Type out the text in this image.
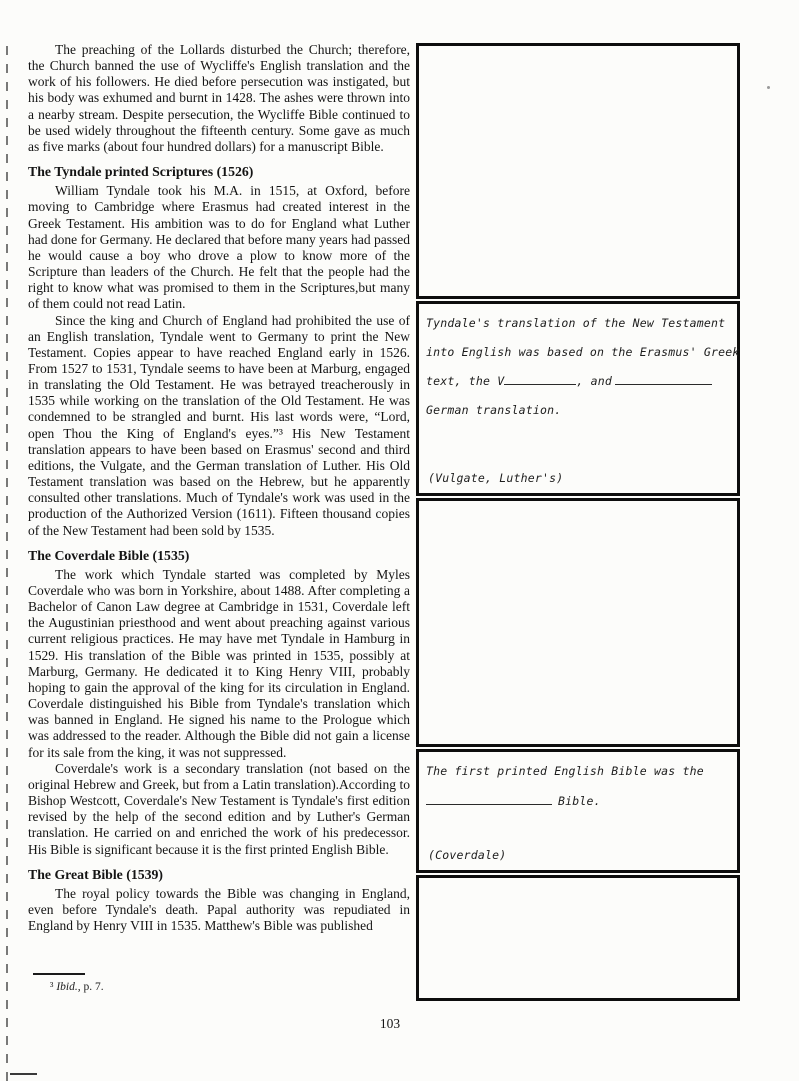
The preaching of the Lollards disturbed the Church; therefore, the Church banned the use of Wycliffe's English translation and the work of his followers. He died before persecution was instigated, but his body was exhumed and burnt in 1428. The ashes were thrown into a nearby stream. Despite persecution, the Wycliffe Bible continued to be used widely throughout the fifteenth century. Some gave as much as five marks (about four hundred dollars) for a manuscript Bible.

The Tyndale printed Scriptures (1526)

William Tyndale took his M.A. in 1515, at Oxford, before moving to Cambridge where Erasmus had created interest in the Greek Testament. His ambition was to do for England what Luther had done for Germany. He declared that before many years had passed he would cause a boy who drove a plow to know more of the Scripture than leaders of the Church. He felt that the people had the right to know what was promised to them in the Scriptures,but many of them could not read Latin.

Since the king and Church of England had prohibited the use of an English translation, Tyndale went to Germany to print the New Testament. Copies appear to have reached England early in 1526. From 1527 to 1531, Tyndale seems to have been at Marburg, engaged in translating the Old Testament. He was betrayed treacherously in 1535 while working on the translation of the Old Testament. He was condemned to be strangled and burnt. His last words were, “Lord, open Thou the King of England's eyes.”³ His New Testament translation appears to have been based on Erasmus' second and third editions, the Vulgate, and the German translation of Luther. His Old Testament translation was based on the Hebrew, but he apparently consulted other translations. Much of Tyndale's work was used in the production of the Authorized Version (1611). Fifteen thousand copies of the New Testament had been sold by 1535.

The Coverdale Bible (1535)

The work which Tyndale started was completed by Myles Coverdale who was born in Yorkshire, about 1488. After completing a Bachelor of Canon Law degree at Cambridge in 1531, Coverdale left the Augustinian priesthood and went about preaching against various current religious practices. He may have met Tyndale in Hamburg in 1529. His translation of the Bible was printed in 1535, possibly at Marburg, Germany. He dedicated it to King Henry VIII, probably hoping to gain the approval of the king for its circulation in England. Coverdale distinguished his Bible from Tyndale's translation which was banned in England. He signed his name to the Prologue which was addressed to the reader. Although the Bible did not gain a license for its sale from the king, it was not suppressed.

Coverdale's work is a secondary translation (not based on the original Hebrew and Greek, but from a Latin translation).According to Bishop Westcott, Coverdale's New Testament is Tyndale's first edition revised by the help of the second edition and by Luther's German translation. He carried on and enriched the work of his predecessor. His Bible is significant because it is the first printed English Bible.

The Great Bible (1539)

The royal policy towards the Bible was changing in England, even before Tyndale's death. Papal authority was repudiated in England by Henry VIII in 1535. Matthew's Bible was published

³ Ibid., p. 7.
103
Tyndale's translation of the New Testament
into English was based on the Erasmus' Greek
text, the V	, and
German translation.
(Vulgate, Luther's)
The first printed English Bible was the
Bible.
(Coverdale)
